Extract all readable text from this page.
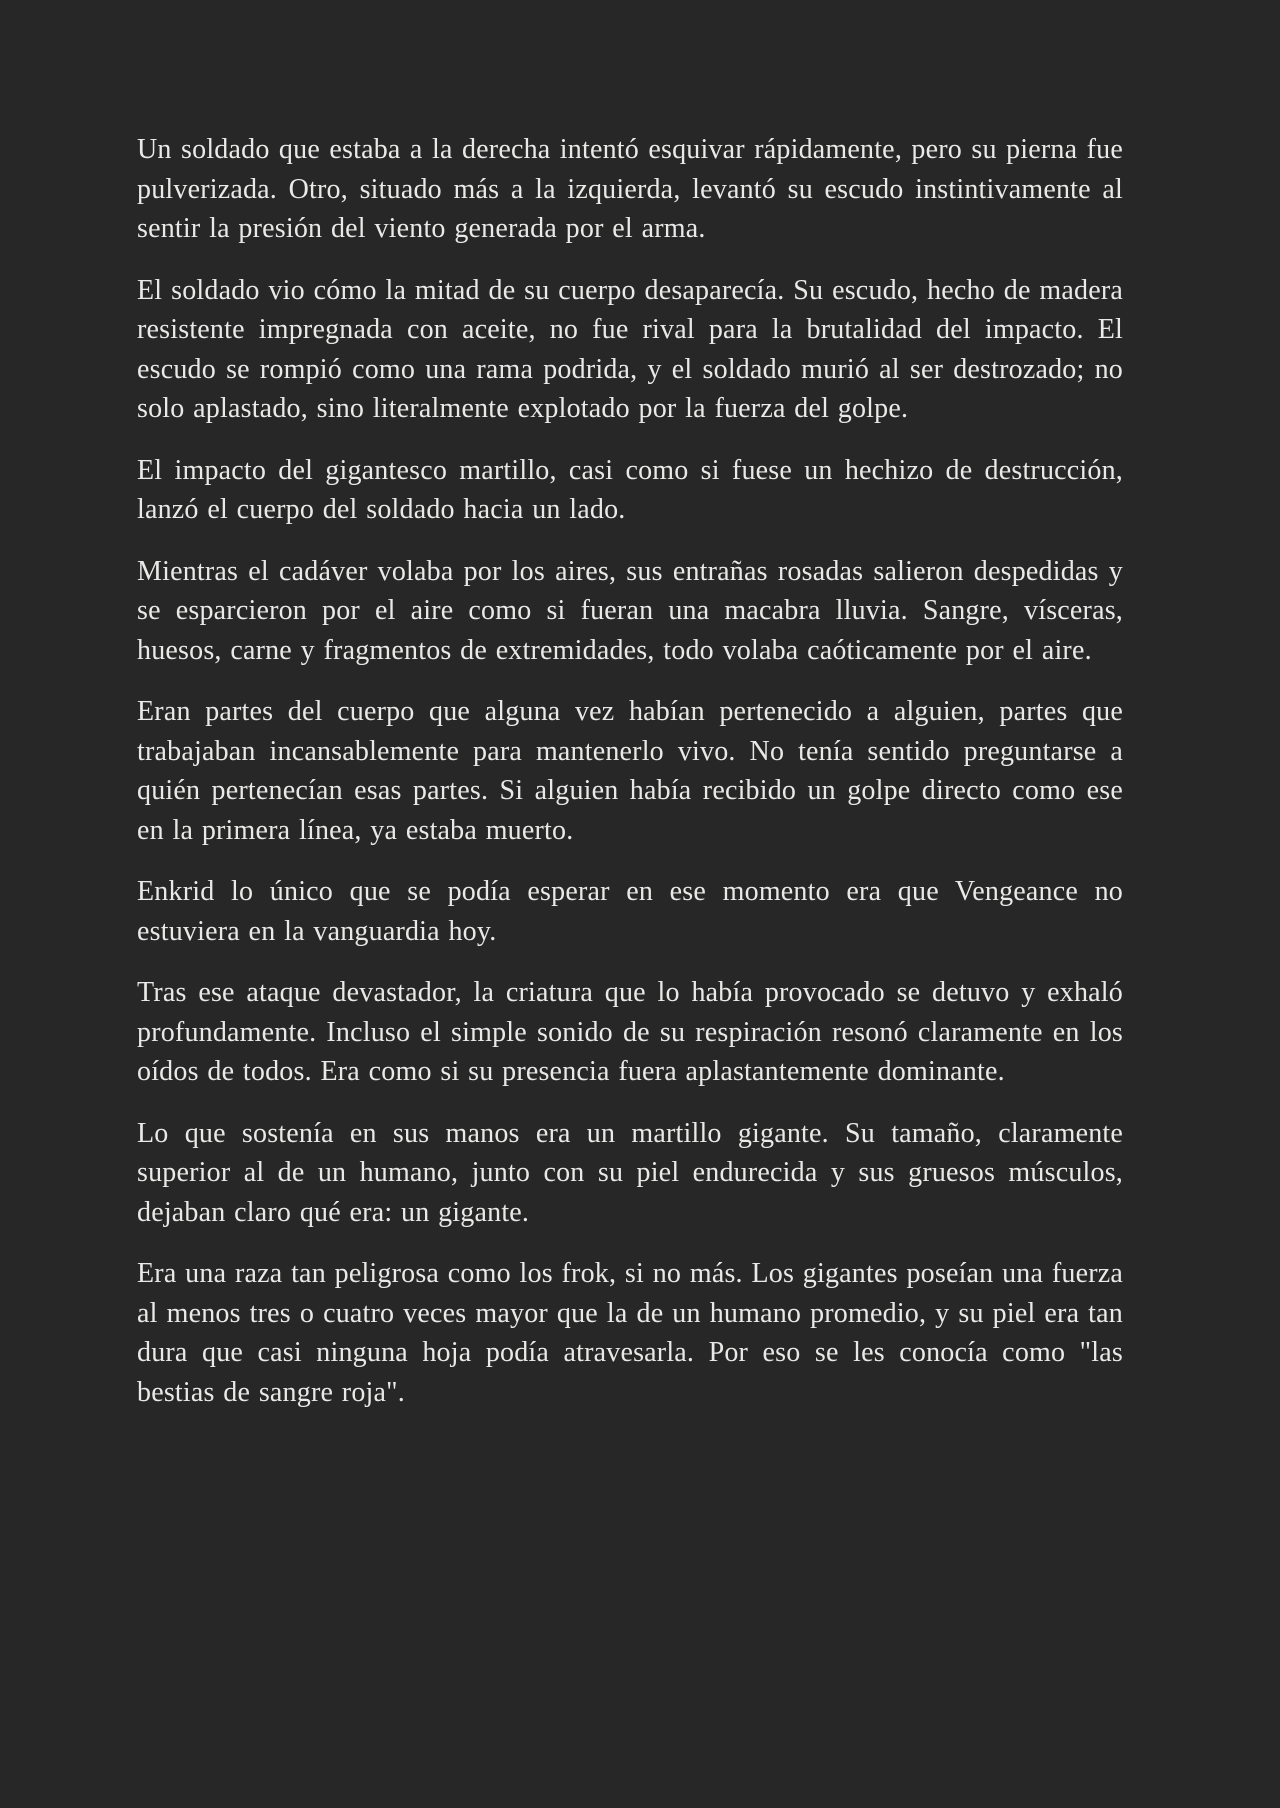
Un soldado que estaba a la derecha intentó esquivar rápidamente, pero su pierna fue pulverizada. Otro, situado más a la izquierda, levantó su escudo instintivamente al sentir la presión del viento generada por el arma.

El soldado vio cómo la mitad de su cuerpo desaparecía. Su escudo, hecho de madera resistente impregnada con aceite, no fue rival para la brutalidad del impacto. El escudo se rompió como una rama podrida, y el soldado murió al ser destrozado; no solo aplastado, sino literalmente explotado por la fuerza del golpe.

El impacto del gigantesco martillo, casi como si fuese un hechizo de destrucción, lanzó el cuerpo del soldado hacia un lado.

Mientras el cadáver volaba por los aires, sus entrañas rosadas salieron despedidas y se esparcieron por el aire como si fueran una macabra lluvia. Sangre, vísceras, huesos, carne y fragmentos de extremidades, todo volaba caóticamente por el aire.

Eran partes del cuerpo que alguna vez habían pertenecido a alguien, partes que trabajaban incansablemente para mantenerlo vivo. No tenía sentido preguntarse a quién pertenecían esas partes. Si alguien había recibido un golpe directo como ese en la primera línea, ya estaba muerto.

Enkrid lo único que se podía esperar en ese momento era que Vengeance no estuviera en la vanguardia hoy.

Tras ese ataque devastador, la criatura que lo había provocado se detuvo y exhaló profundamente. Incluso el simple sonido de su respiración resonó claramente en los oídos de todos. Era como si su presencia fuera aplastantemente dominante.

Lo que sostenía en sus manos era un martillo gigante. Su tamaño, claramente superior al de un humano, junto con su piel endurecida y sus gruesos músculos, dejaban claro qué era: un gigante.

Era una raza tan peligrosa como los frok, si no más. Los gigantes poseían una fuerza al menos tres o cuatro veces mayor que la de un humano promedio, y su piel era tan dura que casi ninguna hoja podía atravesarla. Por eso se les conocía como "las bestias de sangre roja".
